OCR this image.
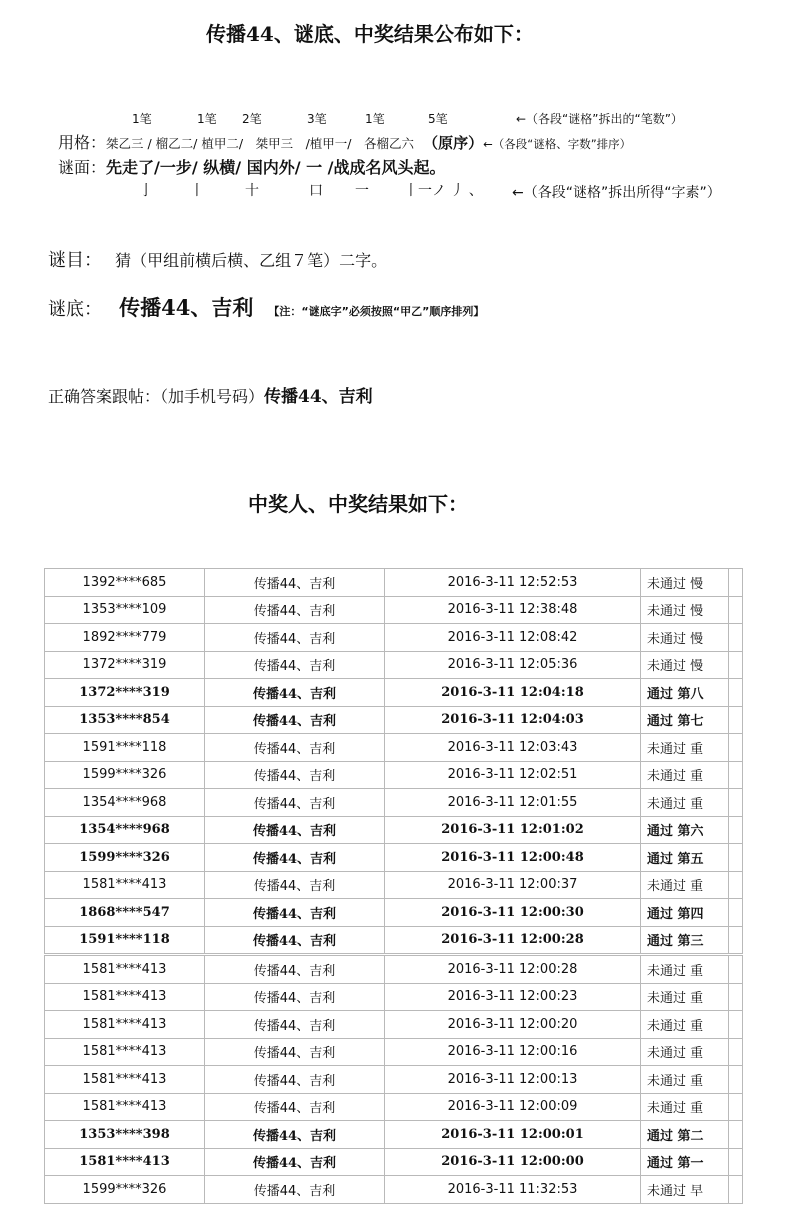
传播44、谜底、中奖结果公布如下：
1笔	1笔 2笔	3笔	1笔	5笔	←（各段“谜格”拆出的“笔数”）
用格：桀乙三 / 榴乙二/ 植甲二/　桀甲三　/植甲一/　各榴乙六 （原序）←（各段“谜格、字数”排序）
谜面：先走了/一步/ 纵横/ 国内外/ 一 /战成名风头起。
亅	丨	十	口 一	丨一ノ 丿 、 ←（各段“谜格”拆出所得“字素”）
谜目： 猜（甲组前横后横、乙组７笔）二字。
谜底： 传播44、吉利 【注：“谜底字”必须按照“甲乙”顺序排列】
正确答案跟帖：（加手机号码）传播44、吉利
中奖人、中奖结果如下：
1392****685	传播44、吉利	2016-3-11 12:52:53	未通过 慢	
1353****109	传播44、吉利	2016-3-11 12:38:48	未通过 慢	
1892****779	传播44、吉利	2016-3-11 12:08:42	未通过 慢	
1372****319	传播44、吉利	2016-3-11 12:05:36	未通过 慢	
1372****319	传播44、吉利	2016-3-11 12:04:18	通过 第八	
1353****854	传播44、吉利	2016-3-11 12:04:03	通过 第七	
1591****118	传播44、吉利	2016-3-11 12:03:43	未通过 重	
1599****326	传播44、吉利	2016-3-11 12:02:51	未通过 重	
1354****968	传播44、吉利	2016-3-11 12:01:55	未通过 重	
1354****968	传播44、吉利	2016-3-11 12:01:02	通过 第六	
1599****326	传播44、吉利	2016-3-11 12:00:48	通过 第五	
1581****413	传播44、吉利	2016-3-11 12:00:37	未通过 重	
1868****547	传播44、吉利	2016-3-11 12:00:30	通过 第四	
1591****118	传播44、吉利	2016-3-11 12:00:28	通过 第三	
1581****413	传播44、吉利	2016-3-11 12:00:28	未通过 重	
1581****413	传播44、吉利	2016-3-11 12:00:23	未通过 重	
1581****413	传播44、吉利	2016-3-11 12:00:20	未通过 重	
1581****413	传播44、吉利	2016-3-11 12:00:16	未通过 重	
1581****413	传播44、吉利	2016-3-11 12:00:13	未通过 重	
1581****413	传播44、吉利	2016-3-11 12:00:09	未通过 重	
1353****398	传播44、吉利	2016-3-11 12:00:01	通过 第二	
1581****413	传播44、吉利	2016-3-11 12:00:00	通过 第一	
1599****326	传播44、吉利	2016-3-11 11:32:53	未通过 早	
